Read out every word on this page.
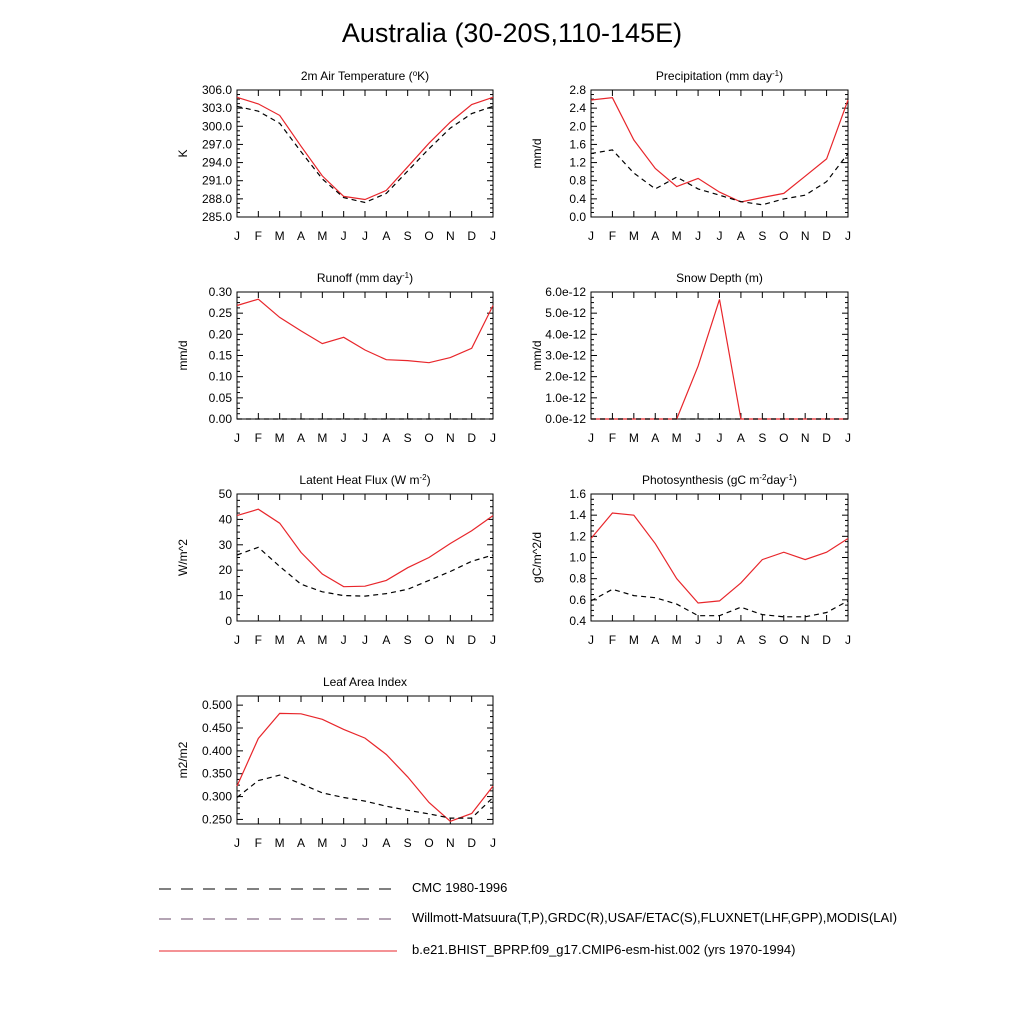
Australia (30-20S,110-145E)
2m Air Temperature ($^o$K)
285.0
288.0
291.0
294.0
297.0
300.0
303.0
306.0
J F M A M J J A S O N D J
K
Precipitation (mm day$^{-1}$)
0.0
0.4
0.8
1.2
1.6
2.0
2.4
2.8
J F M A M J J A S O N D J
mm/d
Runoff (mm day$^{-1}$)
0.00
0.05
0.10
0.15
0.20
0.25
0.30
J F M A M J J A S O N D J
mm/d
Snow Depth (m)
0.0e-12
1.0e-12
2.0e-12
3.0e-12
4.0e-12
5.0e-12
6.0e-12
J F M A M J J A S O N D J
mm/d
Latent Heat Flux (W $m^{-2}$)
0
10
20
30
40
50
J F M A M J J A S O N D J
W/m^2
Photosynthesis (gC $m^{-2}day^{-1}$)
0.4
0.6
0.8
1.0
1.2
1.4
1.6
J F M A M J J A S O N D J
gC/m^2/d
Leaf Area Index
0.250
0.300
0.350
0.400
0.450
0.500
J F M A M J J A S O N D J
m2/m2
CMC 1980-1996
Willmott-Matsuura(T,P),GRDC(R),USAF/ETAC(S),FLUXNET(LHF,GPP),MODIS(LAI)
b.e21.BHIST_BPRP.f09_g17.CMIP6-esm-hist.002 (yrs 1970-1994)
